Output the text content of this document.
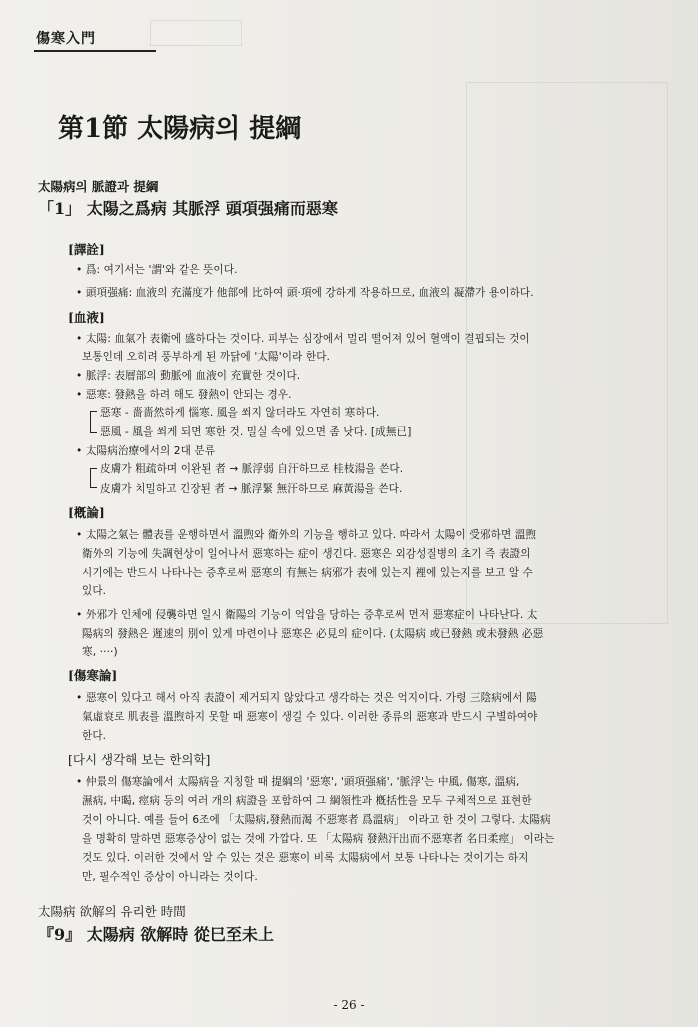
傷寒入門
第1節 太陽病의 提綱
太陽病의 脈證과 提綱
「1」 太陽之爲病 其脈浮 頭項强痛而惡寒
[譯詮]
• 爲: 여기서는 '謂'와 같은 뜻이다.
• 頭項强痛: 血液의 充滿度가 他部에 比하여 頭·項에 강하게 작용하므로, 血液의 凝滯가 용이하다.
[血液]
• 太陽: 血氣가 表衛에 盛하다는 것이다. 피부는 심장에서 멀리 떨어져 있어 혈액이 결핍되는 것이
보통인데 오히려 풍부하게 된 까닭에 '太陽'이라 한다.
• 脈浮: 表層部의 動脈에 血液이 充實한 것이다.
• 惡寒: 發熱을 하려 해도 發熱이 안되는 경우.
惡寒 - 嗇嗇然하게 惱寒. 風을 쐬지 않더라도 자연히 寒하다.
惡風 - 風을 쐬게 되면 寒한 것. 밀실 속에 있으면 좀 낫다. [成無已]
• 太陽病治療에서의 2대 분류
皮膚가 粗疏하며 이완된 者 → 脈浮弱 自汗하므로 桂枝湯을 쓴다.
皮膚가 치밀하고 긴장된 者 → 脈浮緊 無汗하므로 麻黃湯을 쓴다.
[槪論]
• 太陽之氣는 體表를 운행하면서 溫煦와 衛外의 기능을 행하고 있다. 따라서 太陽이 受邪하면 溫煦
衛外의 기능에 失調현상이 일어나서 惡寒하는 症이 생긴다. 惡寒은 외감성질병의 초기 즉 表證의
시기에는 반드시 나타나는 증후로써 惡寒의 有無는 病邪가 表에 있는지 裡에 있는지를 보고 알 수
있다.
• 外邪가 인체에 侵襲하면 일시 衛陽의 기능이 억압을 당하는 증후로써 먼저 惡寒症이 나타난다. 太
陽病의 發熱은 遲速의 別이 있게 마련이나 惡寒은 必見의 症이다. (太陽病 或已發熱 或未發熱 必惡
寒, ····)
[傷寒論]
• 惡寒이 있다고 해서 아직 表證이 제거되지 않았다고 생각하는 것은 억지이다. 가령 三陰病에서 陽
氣虛衰로 肌表를 溫煦하지 못할 때 惡寒이 생길 수 있다. 이러한 종류의 惡寒과 반드시 구별하여야
한다.
[다시 생각해 보는 한의학]
• 仲景의 傷寒論에서 太陽病을 지칭할 때 提綱의 '惡寒', '頭項强痛', '脈浮'는 中風, 傷寒, 溫病,
濕病, 中暍, 痙病 등의 여러 개의 病證을 포함하여 그 綱領性과 槪括性을 모두 구체적으로 표현한
것이 아니다. 예를 들어 6조에 「太陽病,發熱而渴 不惡寒者 爲溫病」 이라고 한 것이 그렇다. 太陽病
을 명확히 말하면 惡寒증상이 없는 것에 가깝다. 또 「太陽病 發熱汗出而不惡寒者 名日柔痙」 이라는
것도 있다. 이러한 것에서 알 수 있는 것은 惡寒이 비록 太陽病에서 보통 나타나는 것이기는 하지
만, 필수적인 증상이 아니라는 것이다.
太陽病 欲解의 유리한 時間
『9』 太陽病 欲解時 從巳至未上
- 26 -
